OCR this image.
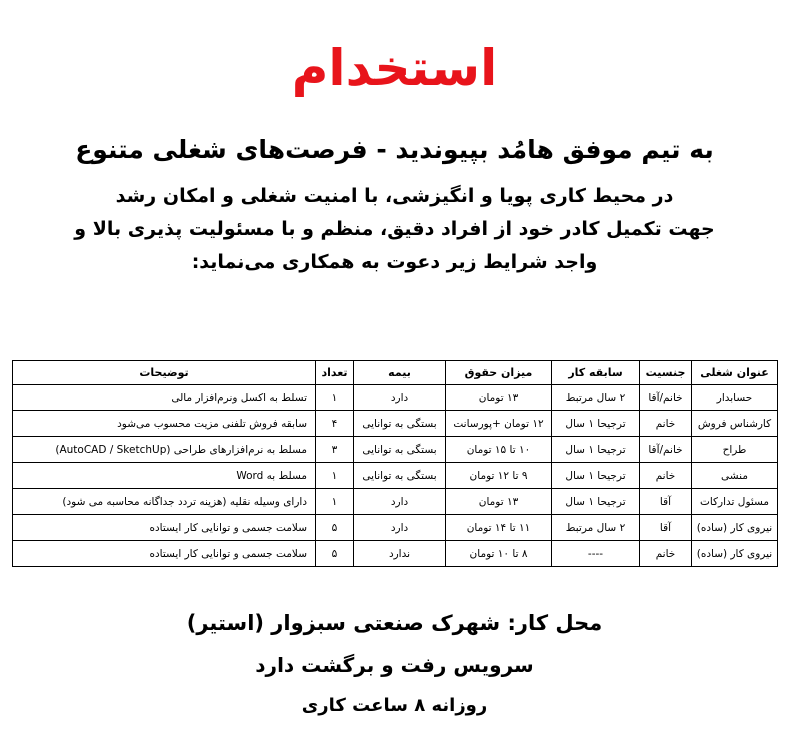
استخدام
به تیم موفق هامُد بپیوندید - فرصت‌های شغلی متنوع
در محیط کاری پویا و انگیزشی، با امنیت شغلی و امکان رشد
جهت تکمیل کادر خود از افراد دقیق، منظم و با مسئولیت پذیری بالا و
واجد شرایط زیر دعوت به همکاری می‌نماید:
عنوان شغلی	جنسیت	سابقه کار	میزان حقوق	بیمه	تعداد	توضیحات
حسابدار	خانم/آقا	۲ سال مرتبط	۱۳ تومان	دارد	۱	تسلط به اکسل ونرم‌افزار مالی
کارشناس فروش	خانم	ترجیحا ۱ سال	۱۲ تومان +پورسانت	بستگی به توانایی	۴	سابقه فروش تلفنی مزیت محسوب می‌شود
طراح	خانم/آقا	ترجیحا ۱ سال	۱۰ تا ۱۵ تومان	بستگی به توانایی	۳	مسلط به نرم‌افزارهای طراحی (AutoCAD / SketchUp)
منشی	خانم	ترجیحا ۱ سال	۹ تا ۱۲ تومان	بستگی به توانایی	۱	مسلط به Word
مسئول تدارکات	آقا	ترجیحا ۱ سال	۱۳ تومان	دارد	۱	دارای وسیله نقلیه (هزینه تردد جداگانه محاسبه می شود)
نیروی کار (ساده)	آقا	۲ سال مرتبط	۱۱ تا ۱۴ تومان	دارد	۵	سلامت جسمی و توانایی کار ایستاده
نیروی کار (ساده)	خانم	----	۸ تا ۱۰ تومان	ندارد	۵	سلامت جسمی و توانایی کار ایستاده
محل کار: شهرک صنعتی سبزوار (استیر)
سرویس رفت و برگشت دارد
روزانه ۸ ساعت کاری
